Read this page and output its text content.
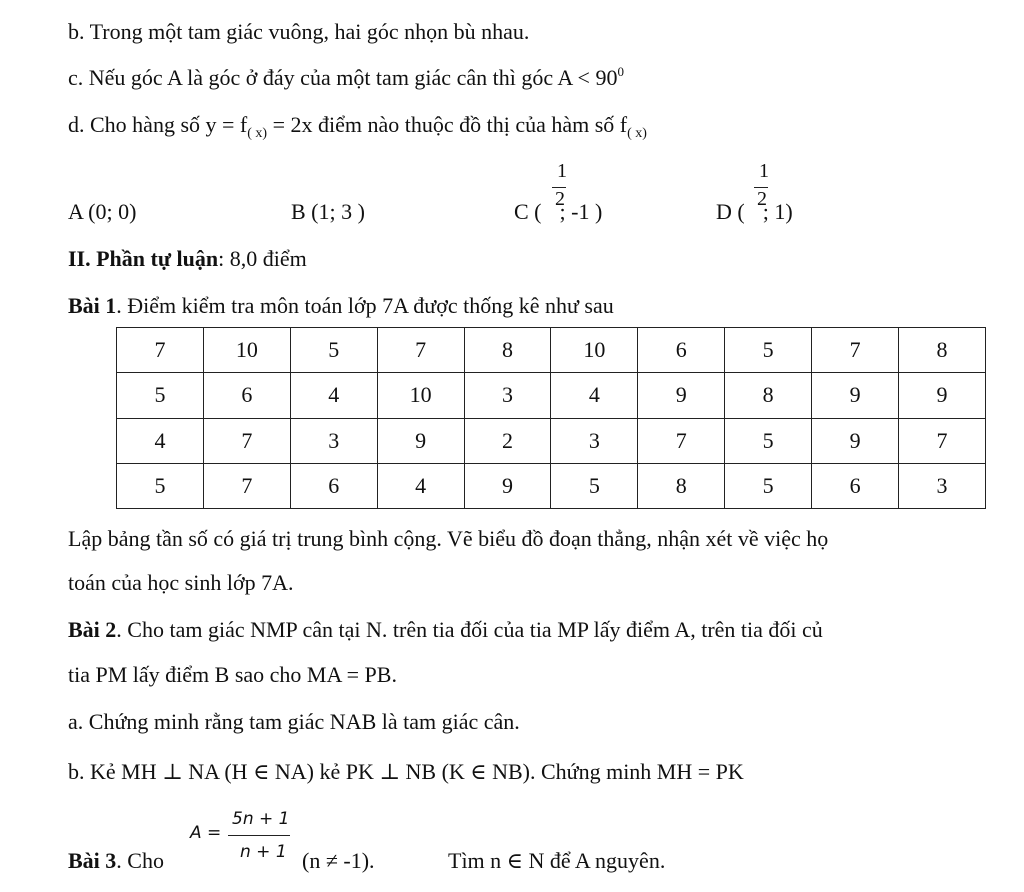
b. Trong một tam giác vuông, hai góc nhọn bù nhau.
c. Nếu góc A là góc ở đáy của một tam giác cân thì góc $A < 90^0$
d. Cho hàng số $y = f_{( x)} = 2x$ điểm nào thuộc đồ thị của hàm số $f_{( x)}$
A (0; 0)	B (1; 3 )	C ( ; -1 )
1
2	D ( ; 1)
1
2
II. Phần tự luận: 8,0 điểm
Bài 1. Điểm kiểm tra môn toán lớp 7A được thống kê như sau
7	10	5	7	8	10	6	5	7	8
5	6	4	10	3	4	9	8	9	9
4	7	3	9	2	3	7	5	9	7
5	7	6	4	9	5	8	5	6	3
Lập bảng tần số có giá trị trung bình cộng. Vẽ biểu đồ đoạn thẳng, nhận xét về việc họ
toán của học sinh lớp 7A.
Bài 2. Cho tam giác NMP cân tại N. trên tia đối của tia MP lấy điểm A, trên tia đối củ
tia PM lấy điểm B sao cho MA = PB.
a. Chứng minh rằng tam giác NAB là tam giác cân.
b. Kẻ MH ⊥ NA (H ∈ NA) kẻ PK ⊥ NB (K ∈ NB). Chứng minh MH = PK
Bài 3. Cho
A =
5n + 1
n + 1 (n ≠ -1).	Tìm n ∈ N để A nguyên.
